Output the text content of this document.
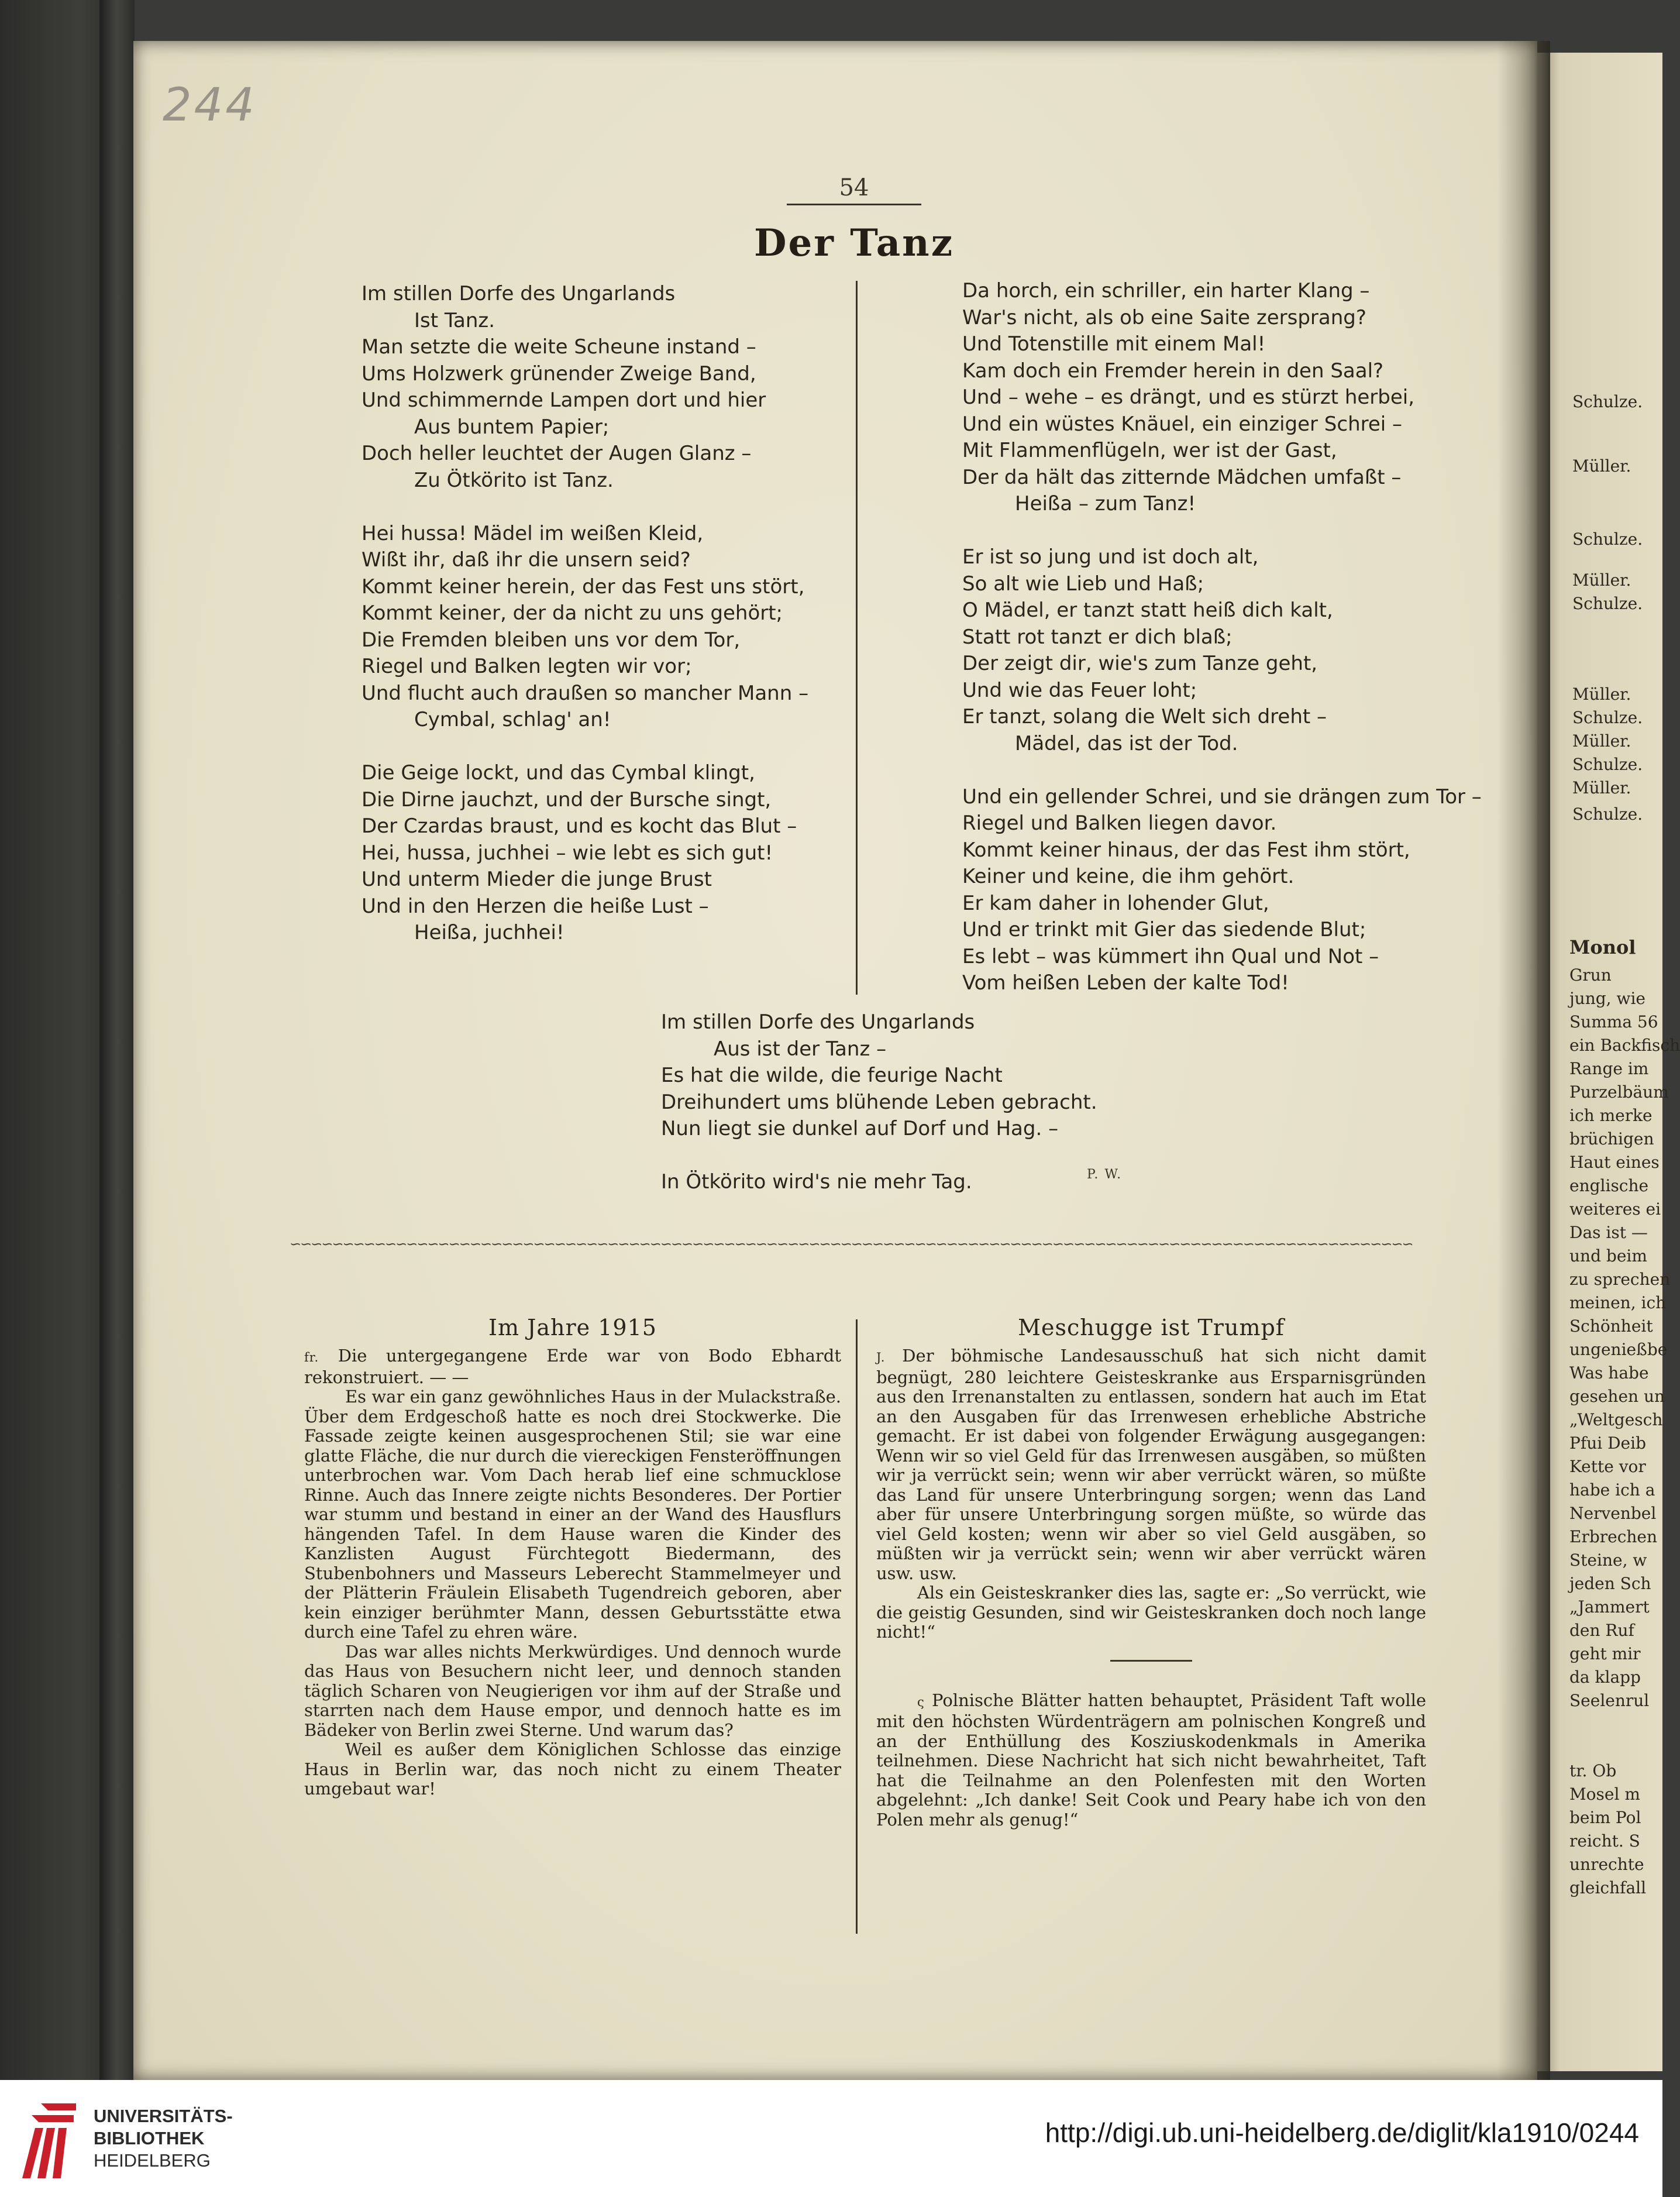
Schulze.
Müller.
Schulze.
Müller.
Schulze.
Müller.
Schulze.
Müller.
Schulze.
Müller.
Schulze.
Monol
Grun
jung, wie
Summa 56
ein Backfisch
Range im
Purzelbäum
ich merke
brüchigen
Haut eines
englische
weiteres ei
Das ist —
und beim
zu sprechen
meinen, ich
Schönheit
ungenießbe
Was habe
gesehen un
„Weltgesch
Pfui Deib
Kette vor
habe ich a
Nervenbel
Erbrechen
Steine, w
jeden Sch
„Jammert
den Ruf
geht mir
da klapp
Seelenrul
tr. Ob
Mosel m
beim Pol
reicht. S
unrechte
gleichfall
244
54
Der Tanz
Im stillen Dorfe des Ungarlands
Ist Tanz.
Man setzte die weite Scheune instand –
Ums Holzwerk grünender Zweige Band,
Und schimmernde Lampen dort und hier
Aus buntem Papier;
Doch heller leuchtet der Augen Glanz –
Zu Ötkörito ist Tanz.
Hei hussa! Mädel im weißen Kleid,
Wißt ihr, daß ihr die unsern seid?
Kommt keiner herein, der das Fest uns stört,
Kommt keiner, der da nicht zu uns gehört;
Die Fremden bleiben uns vor dem Tor,
Riegel und Balken legten wir vor;
Und flucht auch draußen so mancher Mann –
Cymbal, schlag' an!
Die Geige lockt, und das Cymbal klingt,
Die Dirne jauchzt, und der Bursche singt,
Der Czardas braust, und es kocht das Blut –
Hei, hussa, juchhei – wie lebt es sich gut!
Und unterm Mieder die junge Brust
Und in den Herzen die heiße Lust –
Heißa, juchhei!
Da horch, ein schriller, ein harter Klang –
War's nicht, als ob eine Saite zersprang?
Und Totenstille mit einem Mal!
Kam doch ein Fremder herein in den Saal?
Und – wehe – es drängt, und es stürzt herbei,
Und ein wüstes Knäuel, ein einziger Schrei –
Mit Flammenflügeln, wer ist der Gast,
Der da hält das zitternde Mädchen umfaßt –
Heißa – zum Tanz!
Er ist so jung und ist doch alt,
So alt wie Lieb und Haß;
O Mädel, er tanzt statt heiß dich kalt,
Statt rot tanzt er dich blaß;
Der zeigt dir, wie's zum Tanze geht,
Und wie das Feuer loht;
Er tanzt, solang die Welt sich dreht –
Mädel, das ist der Tod.
Und ein gellender Schrei, und sie drängen zum Tor –
Riegel und Balken liegen davor.
Kommt keiner hinaus, der das Fest ihm stört,
Keiner und keine, die ihm gehört.
Er kam daher in lohender Glut,
Und er trinkt mit Gier das siedende Blut;
Es lebt – was kümmert ihn Qual und Not –
Vom heißen Leben der kalte Tod!
Im stillen Dorfe des Ungarlands
Aus ist der Tanz –
Es hat die wilde, die feurige Nacht
Dreihundert ums blühende Leben gebracht.
Nun liegt sie dunkel auf Dorf und Hag. –
In Ötkörito wird's nie mehr Tag.	P. W.
∽∽∽∽∽∽∽∽∽∽∽∽∽∽∽∽∽∽∽∽∽∽∽∽∽∽∽∽∽∽∽∽∽∽∽∽∽∽∽∽∽∽∽∽∽∽∽∽∽∽∽∽∽∽∽∽∽∽∽∽∽∽∽∽∽∽∽∽∽∽∽∽∽∽∽∽∽∽∽∽∽∽∽∽∽∽∽∽∽∽∽∽∽∽∽∽∽∽∽∽∽∽∽∽∽∽
Im Jahre 1915

fr. Die untergegangene Erde war von Bodo Ebhardt rekonstruiert. — —

Es war ein ganz gewöhnliches Haus in der Mulackstraße. Über dem Erdgeschoß hatte es noch drei Stockwerke. Die Fassade zeigte keinen ausgesprochenen Stil; sie war eine glatte Fläche, die nur durch die viereckigen Fensteröffnungen unterbrochen war. Vom Dach herab lief eine schmucklose Rinne. Auch das Innere zeigte nichts Besonderes. Der Portier war stumm und bestand in einer an der Wand des Hausflurs hängenden Tafel. In dem Hause waren die Kinder des Kanzlisten August Fürchtegott Biedermann, des Stubenbohners und Masseurs Leberecht Stammelmeyer und der Plätterin Fräulein Elisabeth Tugendreich geboren, aber kein einziger berühmter Mann, dessen Geburtsstätte etwa durch eine Tafel zu ehren wäre.

Das war alles nichts Merkwürdiges. Und dennoch wurde das Haus von Besuchern nicht leer, und dennoch standen täglich Scharen von Neugierigen vor ihm auf der Straße und starrten nach dem Hause empor, und dennoch hatte es im Bädeker von Berlin zwei Sterne. Und warum das?

Weil es außer dem Königlichen Schlosse das einzige Haus in Berlin war, das noch nicht zu einem Theater umgebaut war!

Meschugge ist Trumpf

J. Der böhmische Landesausschuß hat sich nicht damit begnügt, 280 leichtere Geisteskranke aus Ersparnisgründen aus den Irrenanstalten zu entlassen, sondern hat auch im Etat an den Ausgaben für das Irrenwesen erhebliche Abstriche gemacht. Er ist dabei von folgender Erwägung ausgegangen: Wenn wir so viel Geld für das Irrenwesen ausgäben, so müßten wir ja verrückt sein; wenn wir aber verrückt wären, so müßte das Land für unsere Unterbringung sorgen; wenn das Land aber für unsere Unterbringung sorgen müßte, so würde das viel Geld kosten; wenn wir aber so viel Geld ausgäben, so müßten wir ja verrückt sein; wenn wir aber verrückt wären usw. usw.

Als ein Geisteskranker dies las, sagte er: „So verrückt, wie die geistig Gesunden, sind wir Geisteskranken doch noch lange nicht!“

ς Polnische Blätter hatten behauptet, Präsident Taft wolle mit den höchsten Würdenträgern am polnischen Kongreß und an der Enthüllung des Kosziuskodenkmals in Amerika teilnehmen. Diese Nachricht hat sich nicht bewahrheitet, Taft hat die Teilnahme an den Polenfesten mit den Worten abgelehnt: „Ich danke! Seit Cook und Peary habe ich von den Polen mehr als genug!“

UNIVERSITÄTS-
BIBLIOTHEK
HEIDELBERG
http://digi.ub.uni-heidelberg.de/diglit/kla1910/0244
